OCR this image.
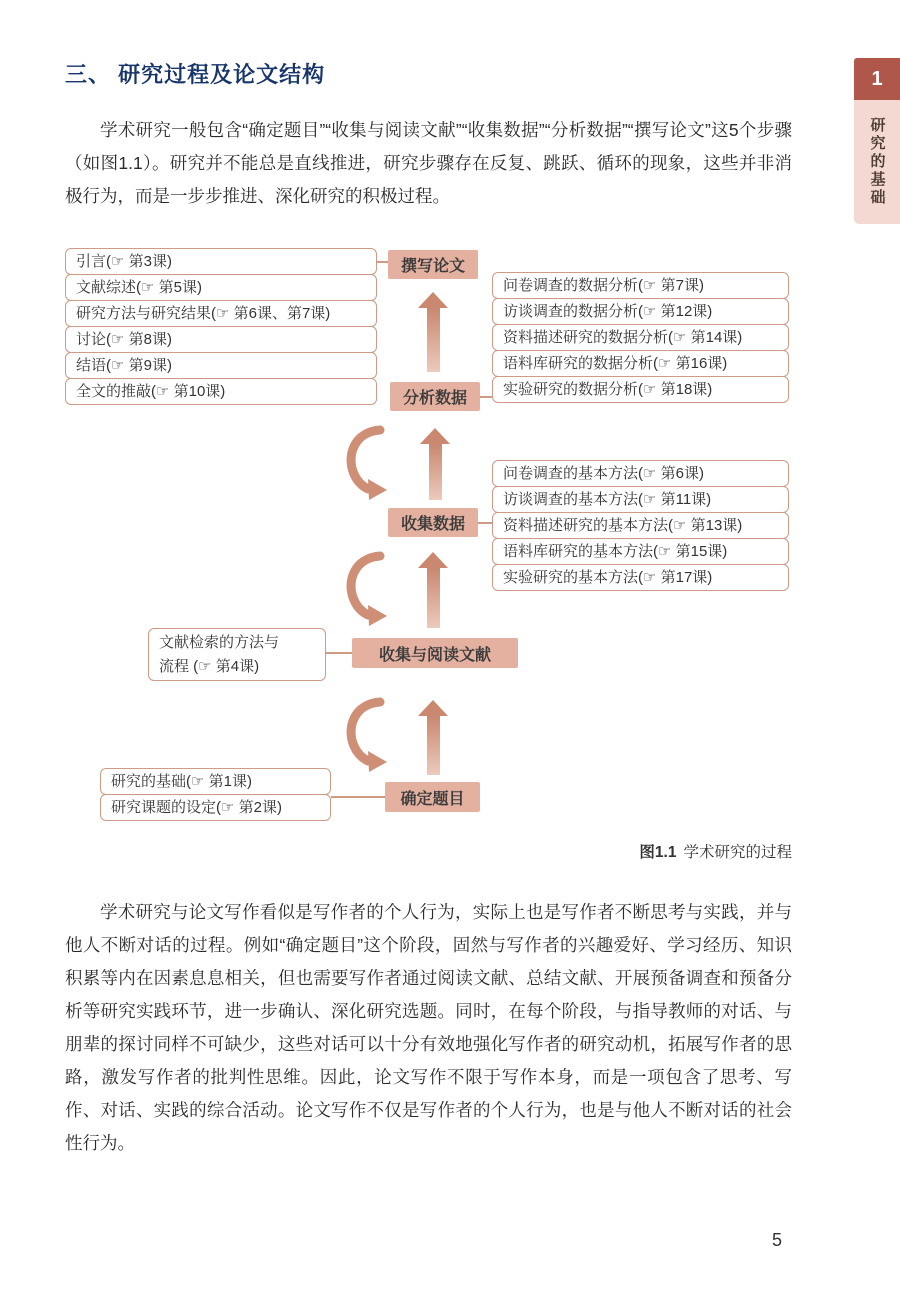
三、 研究过程及论文结构	1
研究的基础

学术研究一般包含“确定题目”“收集与阅读文献”“收集数据”“分析数据”“撰写论文”这5个步骤（如图1.1）。研究并不能总是直线推进，研究步骤存在反复、跳跃、循环的现象，这些并非消极行为，而是一步步推进、深化研究的积极过程。

引言(☞ 第3课)
文献综述(☞ 第5课)
研究方法与研究结果(☞ 第6课、第7课)
讨论(☞ 第8课)
结语(☞ 第9课)
全文的推敲(☞ 第10课)
问卷调查的数据分析(☞ 第7课)
访谈调查的数据分析(☞ 第12课)
资料描述研究的数据分析(☞ 第14课)
语料库研究的数据分析(☞ 第16课)
实验研究的数据分析(☞ 第18课)
问卷调查的基本方法(☞ 第6课)
访谈调查的基本方法(☞ 第11课)
资料描述研究的基本方法(☞ 第13课)
语料库研究的基本方法(☞ 第15课)
实验研究的基本方法(☞ 第17课)
文献检索的方法与
流程 (☞ 第4课)
研究的基础(☞ 第1课)
研究课题的设定(☞ 第2课)
撰写论文
分析数据
收集数据
收集与阅读文献
确定题目
图1.1 学术研究的过程

学术研究与论文写作看似是写作者的个人行为，实际上也是写作者不断思考与实践，并与他人不断对话的过程。例如“确定题目”这个阶段，固然与写作者的兴趣爱好、学习经历、知识积累等内在因素息息相关，但也需要写作者通过阅读文献、总结文献、开展预备调查和预备分析等研究实践环节，进一步确认、深化研究选题。同时，在每个阶段，与指导教师的对话、与朋辈的探讨同样不可缺少，这些对话可以十分有效地强化写作者的研究动机，拓展写作者的思路，激发写作者的批判性思维。因此，论文写作不限于写作本身，而是一项包含了思考、写作、对话、实践的综合活动。论文写作不仅是写作者的个人行为，也是与他人不断对话的社会性行为。

5
